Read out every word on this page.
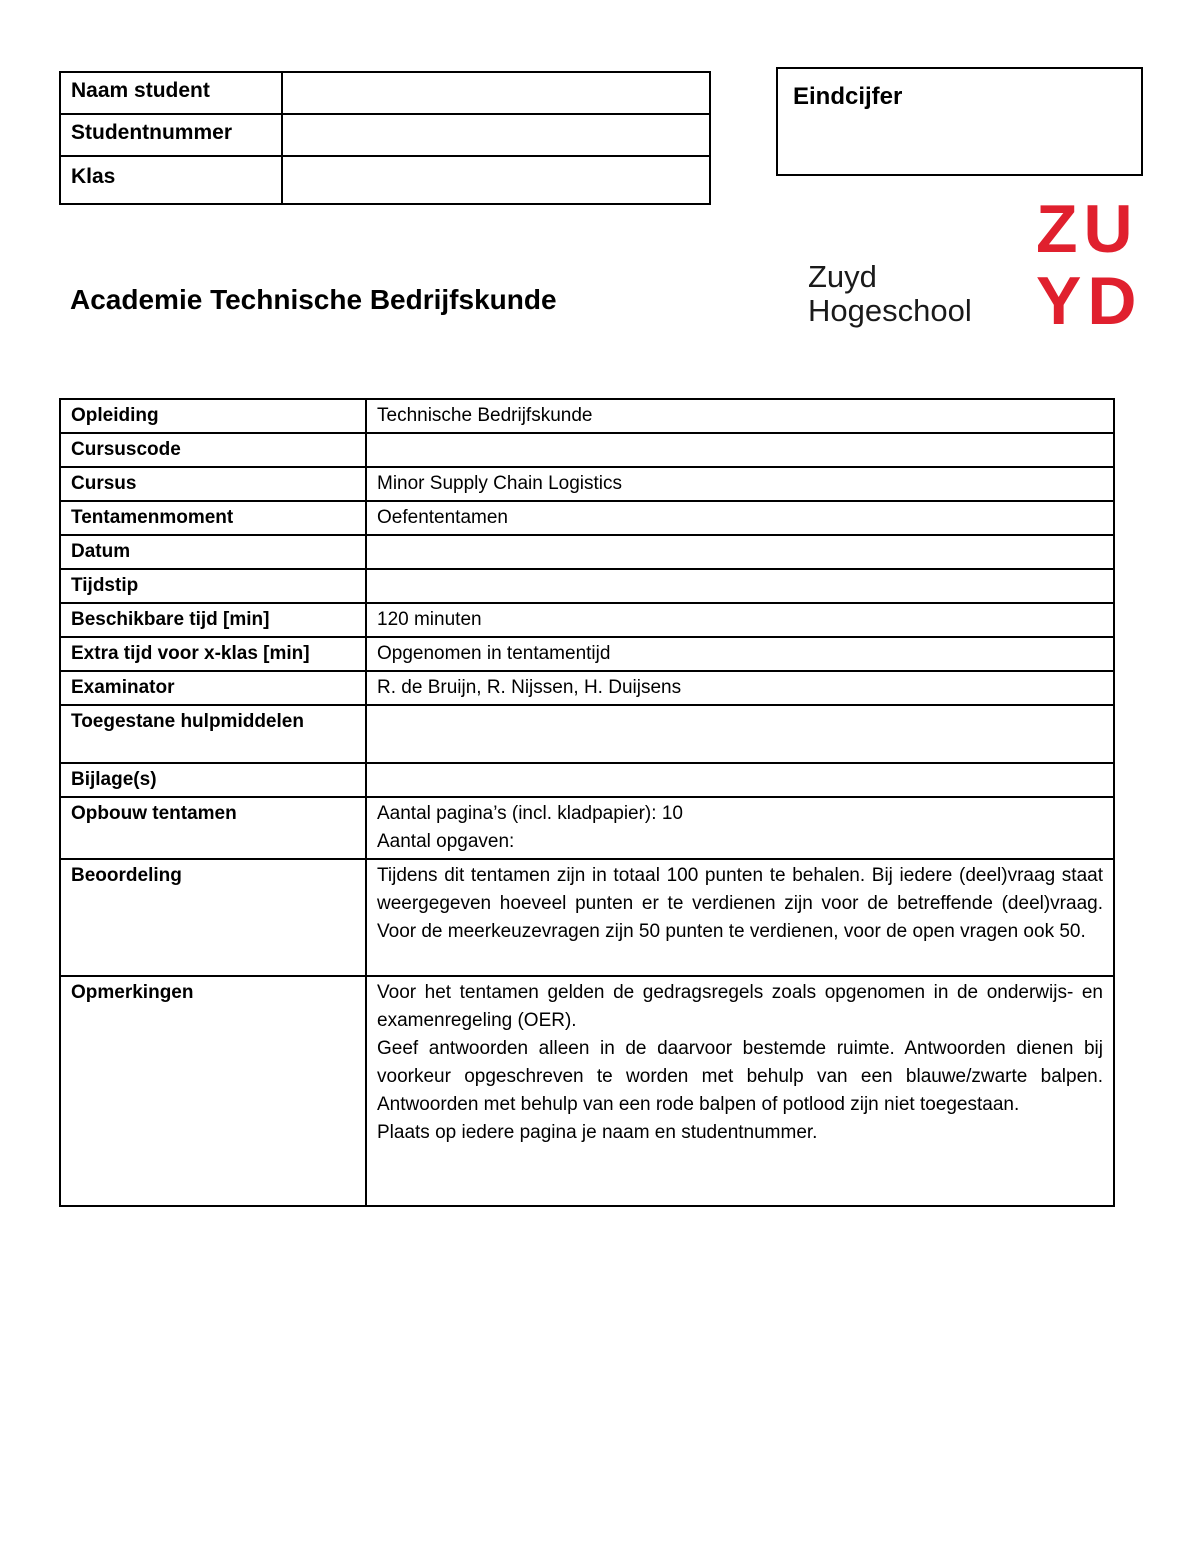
Naam student	
Studentnummer	
Klas	
Eindcijfer
Academie Technische Bedrijfskunde
Zuyd
Hogeschool
ZU
YD
Opleiding	Technische Bedrijfskunde
Cursuscode	
Cursus	Minor Supply Chain Logistics
Tentamenmoment	Oefententamen
Datum	
Tijdstip	
Beschikbare tijd [min]	120 minuten
Extra tijd voor x-klas [min]	Opgenomen in tentamentijd
Examinator	R. de Bruijn, R. Nijssen, H. Duijsens
Toegestane hulpmiddelen	
Bijlage(s)	
Opbouw tentamen	Aantal pagina’s (incl. kladpapier): 10
Aantal opgaven:

Beoordeling	Tijdens dit tentamen zijn in totaal 100 punten te behalen. Bij iedere (deel)vraag staat weergegeven hoeveel punten er te verdienen zijn voor de betreffende (deel)vraag. Voor de meerkeuzevragen zijn 50 punten te verdienen, voor de open vragen ook 50.
Opmerkingen	Voor het tentamen gelden de gedragsregels zoals opgenomen in de onderwijs- en examenregeling (OER).
Geef antwoorden alleen in de daarvoor bestemde ruimte. Antwoorden dienen bij voorkeur opgeschreven te worden met behulp van een blauwe/zwarte balpen. Antwoorden met behulp van een rode balpen of potlood zijn niet toegestaan.
Plaats op iedere pagina je naam en studentnummer.
